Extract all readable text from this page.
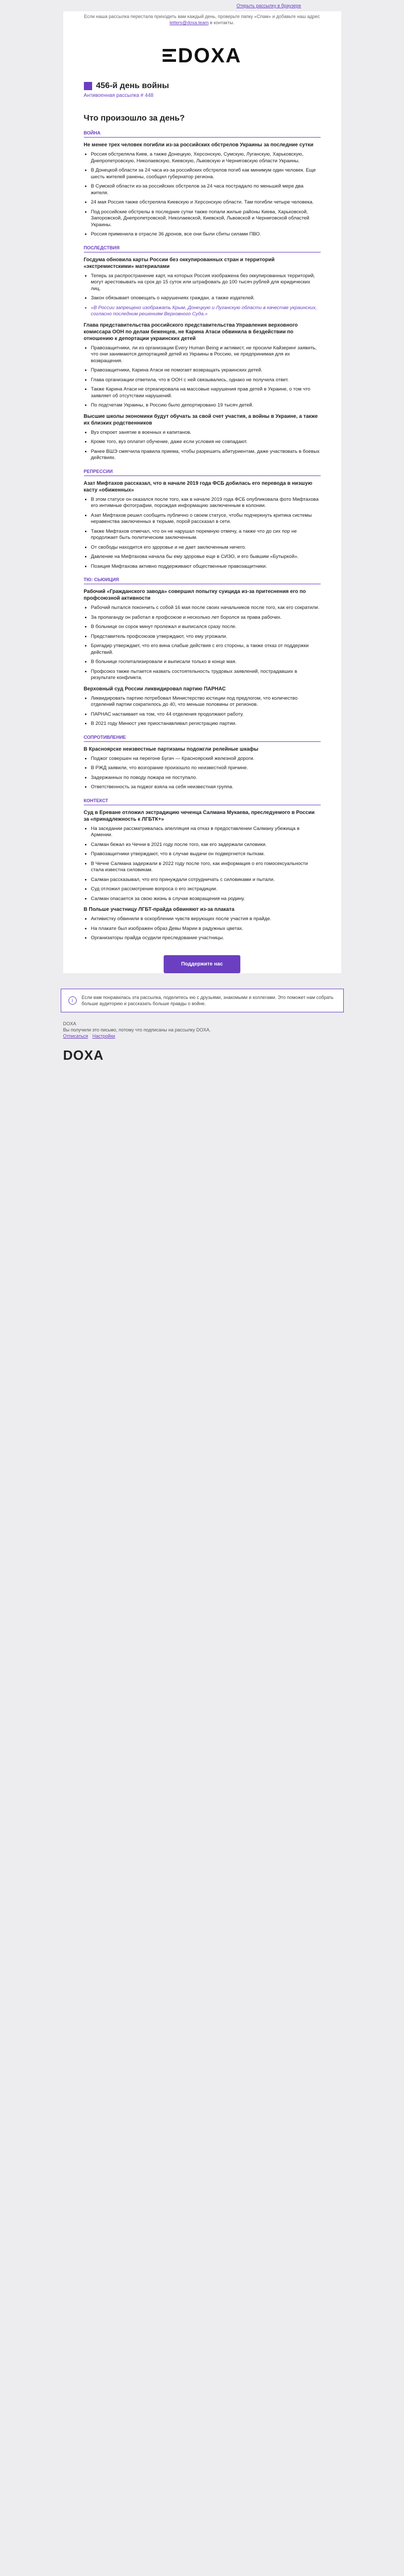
Открыть рассылку в браузере
Если наша рассылка перестала приходить вам каждый день, проверьте папку «Спам» и добавьте наш адрес letters@doxa.team в контакты.
DOXA
456-й день войны
Антивоенная рассылка # 448
Что произошло за день?
ВОЙНА
Не менее трех человек погибли из-за российских обстрелов Украины за последние сутки
• Россия обстреляла Киев, а также Донецкую, Херсонскую, Сумскую, Луганскую, Харьковскую, Днепропетровскую, Николаевскую, Киевскую, Львовскую и Черниговскую области Украины.
• В Донецкой области за 24 часа из-за российских обстрелов погиб как минимум один человек. Еще шесть жителей ранены, сообщил губернатор региона.
• В Сумской области из-за российских обстрелов за 24 часа пострадало по меньшей мере два жителя.
• 24 мая Россия также обстреляла Киевскую и Херсонскую области. Там погибли четыре человека.
• Под российские обстрелы в последние сутки также попали жилые районы Киева, Харьковской, Запорожской, Днепропетровской, Николаевской, Киевской, Львовской и Черниговской областей Украины.
• Россия применила в отрасле 36 дронов, все они были сбиты силами ПВО.
ПОСЛЕДСТВИЯ
Госдума обновила карты России без оккупированных стран и территорий «экстремистскими» материалами
• Теперь за распространение карт, на которых Россия изображена без оккупированных территорий, могут арестовывать на срок до 15 суток или штрафовать до 100 тысяч рублей для юридических лиц.
• Закон обязывает оповещать о нарушениях граждан, а также издателей.
• «В России запрещено изображать Крым, Донецкую и Луганскую области в качестве украинских, согласно последним решениям Верховного Суда.»
Глава представительства российского представительства Управления верховного комиссара ООН по делам беженцев, не Карина Атаси обвинила в бездействии по отношению к депортации украинских детей
• Правозащитники, ли из организации Every Human Being и активист, не просили Кайзеринг заявить, что они занимаются депортацией детей из Украины в Россию, не предпринимая для их возвращения.
• Правозащитники, Карина Атаси не помогает возвращать украинских детей.
• Глава организации ответила, что в ООН с ней связывались, однако не получила ответ.
• Также Карина Атаси не отреагировала на массовые нарушения прав детей в Украине, о том что заявляет об отсутствии нарушений.
• По подсчетам Украины, в Россию было депортировано 19 тысяч детей.
Высшие школы экономики будут обучать за свой счет участия, а войны в Украине, а также их близких родственников
• Вуз откроет занятие в военных и капитанов.
• Кроме того, вуз оплатит обучение, даже если условия не совпадают.
• Ранее ВШЭ смягчила правила приема, чтобы разрешить абитуриентам, даже участвовать в боевых действиях.
РЕПРЕССИИ
Азат Мифтахов рассказал, что в начале 2019 года ФСБ добилась его перевода в низшую касту «обиженных»
• В этом статусе он оказался после того, как в начале 2019 года ФСБ опубликовала фото Мифтахова его интимные фотографии, порождая информацию заключенным в колонии.
• Азат Мифтахов решил сообщить публично о своем статусе, чтобы подчеркнуть критика системы неравенства заключенных в тюрьме, порой рассказал в сети.
• Также Мифтахов отмечал, что он не нарушал тюремную отмечу, а также что до сих пор не продолжает быть политическим заключенным.
• От свободы находится его здоровье и не дает заключенным ничего.
• Давление на Мифтахова начала бы ему здоровье еще в СИЗО, и его бывшим «Бутыркой».
• Позиция Мифтахова активно поддерживают общественные правозащитники.
ТЮ: СЬЮИЦИЯ
Рабочий «Гражданского завода» совершил попытку суицида из-за притеснения его по профсоюзной активности
• Рабочий пытался покончить с собой 16 мая после своих начальников после того, как его сократили.
• За пропаганду он работал в профсоюзе и несколько лет боролся за права рабочих.
• В больнице он сорок минут пролежал и выписался сразу после.
• Представитель профсоюзов утверждают, что ему угрожали.
• Бригадир утверждает, что его вина слабые действия с его стороны, а также отказ от поддержки действий.
• В больнице госпитализировали и выписали только в конце мая.
• Профсоюз также пытается назвать состоятельность трудовых заявлений, пострадавших в результате конфликта.
Верховный суд России ликвидировал партию ПАРНАС
• Ликвидировать партию потребовал Министерство юстиции под предлогом, что количество отделений партии сократилось до 40, что меньше половины от регионов.
• ПАРНАС настаивает на том, что 44 отделения продолжают работу.
• В 2021 году Минюст уже приостанавливал регистрацию партии.
СОПРОТИВЛЕНИЕ
В Красноярске неизвестные партизаны подожгли релейные шкафы
• Поджог совершен на перегоне Бугач — Красноярский железной дороги.
• В РЖД заявили, что возгорание произошло по неизвестной причине.
• Задержанных по поводу пожара не поступало.
• Ответственность за поджог взяла на себя неизвестная группа.
КОНТЕКСТ
Суд в Ереване отложил экстрадицию чеченца Салмана Мукаева, преследуемого в России за «принадлежность к ЛГБТК+»
• На заседании рассматривалась апелляция на отказ в предоставлении Салману убежища в Армении.
• Салман бежал из Чечни в 2021 году после того, как его задержали силовики.
• Правозащитники утверждают, что в случае выдачи он подвергнется пыткам.
• В Чечне Салмана задержали в 2022 году после того, как информация о его гомосексуальности стала известна силовикам.
• Салман рассказывал, что его принуждали сотрудничать с силовиками и пытали.
• Суд отложил рассмотрение вопроса о его экстрадиции.
• Салман опасается за свою жизнь в случае возвращения на родину.
В Польше участницу ЛГБТ-прайда обвиняют из-за плаката
• Активистку обвинили в оскорблении чувств верующих после участия в прайде.
• На плакате был изображен образ Девы Марии в радужных цветах.
• Организаторы прайда осудили преследование участницы.
Поддержите нас
i
Если вам понравилась эта рассылка, поделитесь ею с друзьями, знакомыми и коллегами. Это поможет нам собрать больше аудиторию и рассказать больше правды о войне.
DOXA
Вы получили это письмо, потому что подписаны на рассылку DOXA.
Отписаться Настройки
DOXA
